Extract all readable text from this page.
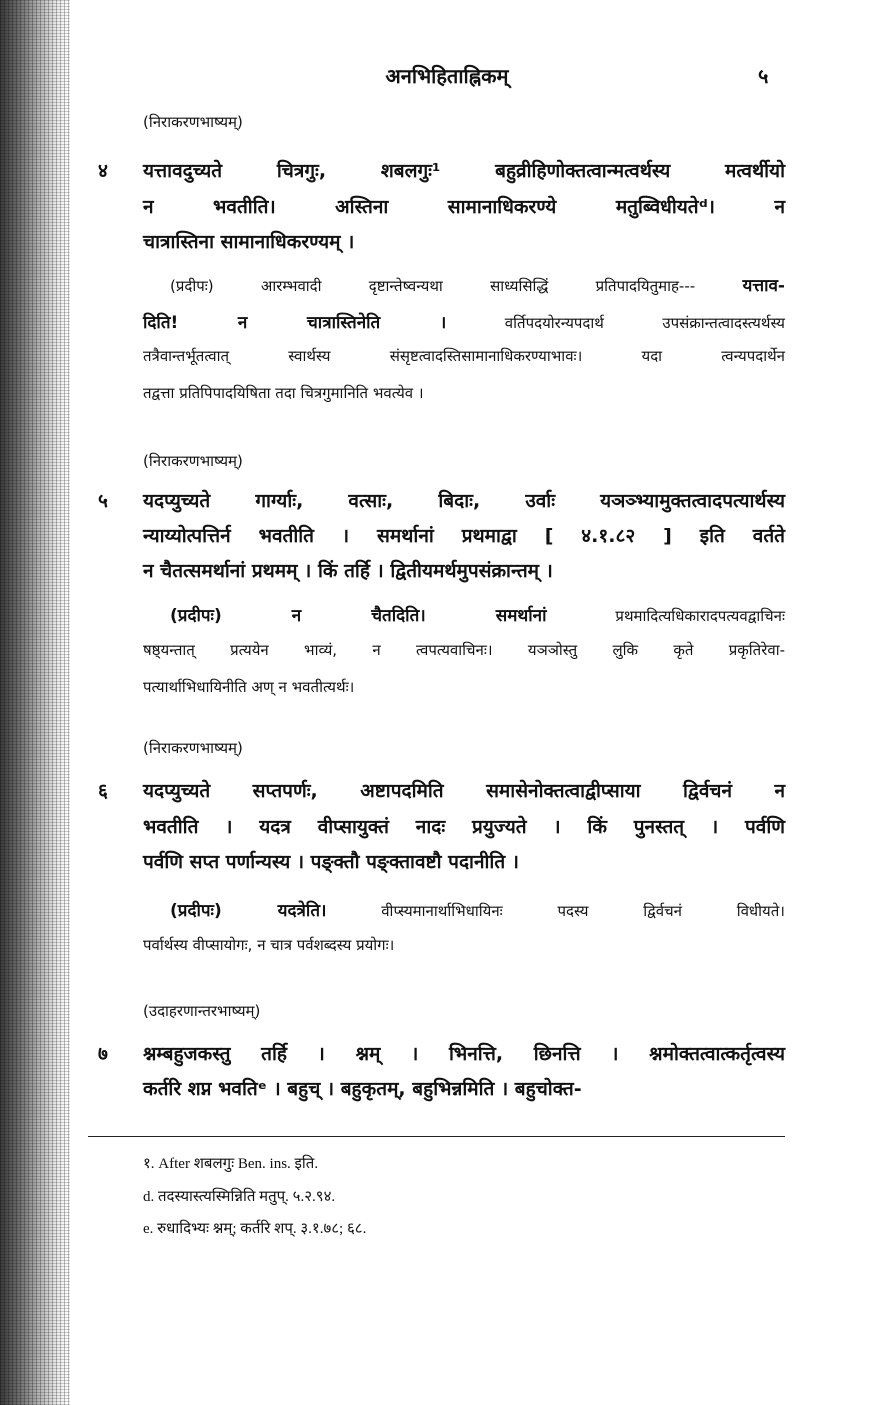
अनभिहिताह्निकम्	५
(निराकरणभाष्यम्)
४ यत्तावदुच्यते चित्रगुः, शबलगुः¹ बहुव्रीहिणोक्तत्वान्मत्वर्थस्य मत्वर्थीयो
न भवतीति। अस्तिना सामानाधिकरण्ये मतुब्विधीयतेᵈ। न
चात्रास्तिना सामानाधिकरण्यम् ।
(प्रदीपः) आरम्भवादी दृष्टान्तेष्वन्यथा साध्यसिद्धिं प्रतिपादयितुमाह--- यत्ताव-
दिति! न चात्रास्तिनेति । वर्तिपदयोरन्यपदार्थ उपसंक्रान्तत्वादस्त्यर्थस्य
तत्रैवान्तर्भूतत्वात् स्वार्थस्य संसृष्टत्वादस्तिसामानाधिकरण्याभावः। यदा त्वन्यपदार्थेन
तद्वत्ता प्रतिपिपादयिषिता तदा चित्रगुमानिति भवत्येव ।
(निराकरणभाष्यम्)
५ यदप्युच्यते गार्ग्याः, वत्साः, बिदाः, उर्वाः यञञ्भ्यामुक्तत्वादपत्यार्थस्य
न्याय्योत्पत्तिर्न भवतीति । समर्थानां प्रथमाद्वा [ ४.१.८२ ] इति वर्तते
न चैतत्समर्थानां प्रथमम् । किं तर्हि । द्वितीयमर्थमुपसंक्रान्तम् ।
(प्रदीपः) न चैतदिति। समर्थानां प्रथमादित्यधिकारादपत्यवद्वाचिनः
षष्ठ्यन्तात् प्रत्ययेन भाव्यं, न त्वपत्यवाचिनः। यञञोस्तु लुकि कृते प्रकृतिरेवा-
पत्यार्थाभिधायिनीति अण् न भवतीत्यर्थः।
(निराकरणभाष्यम्)
६ यदप्युच्यते सप्तपर्णः, अष्टापदमिति समासेनोक्तत्वाद्वीप्साया द्विर्वचनं न
भवतीति । यदत्र वीप्सायुक्तं नादः प्रयुज्यते । किं पुनस्तत् । पर्वणि
पर्वणि सप्त पर्णान्यस्य । पङ्क्तौ पङ्क्तावष्टौ पदानीति ।
(प्रदीपः) यदत्रेति। वीप्स्यमानार्थाभिधायिनः पदस्य द्विर्वचनं विधीयते।
पर्वार्थस्य वीप्सायोगः, न चात्र पर्वशब्दस्य प्रयोगः।
(उदाहरणान्तरभाष्यम्)
७ श्नम्बहुजकस्तु तर्हि । श्नम् । भिनत्ति, छिनत्ति । श्नमोक्तत्वात्कर्तृत्वस्य
कर्तरि शप्न भवतिᵉ । बहुच् । बहुकृतम्, बहुभिन्नमिति । बहुचोक्त-
१. After शबलगुः Ben. ins. इति.
d. तदस्यास्त्यस्मिन्निति मतुप्. ५.२.९४.
e. रुधादिभ्यः श्नम्; कर्तरि शप्. ३.१.७८; ६८.
